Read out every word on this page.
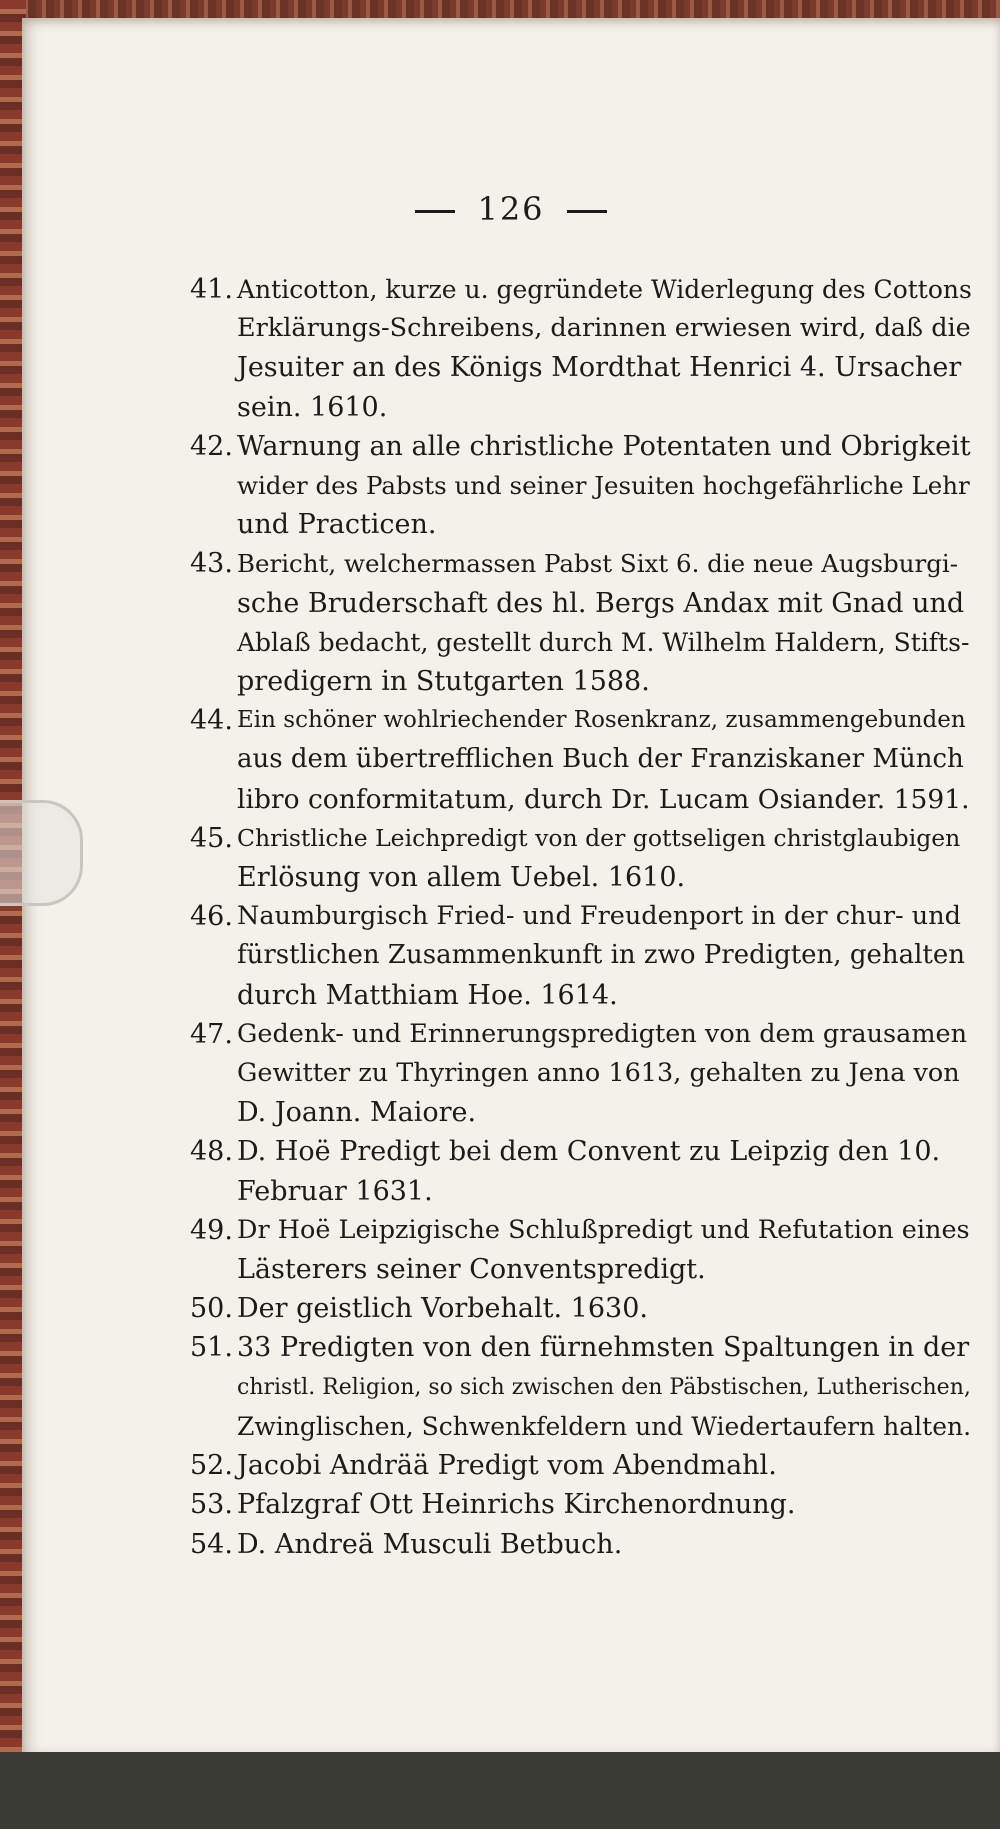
126
41. Anticotton, kurze u. gegründete Widerlegung des Cottons
Erklärungs-Schreibens, darinnen erwiesen wird, daß die
Jesuiter an des Königs Mordthat Henrici 4. Ursacher
sein. 1610.
42. Warnung an alle christliche Potentaten und Obrigkeit
wider des Pabsts und seiner Jesuiten hochgefährliche Lehr
und Practicen.
43. Bericht, welchermassen Pabst Sixt 6. die neue Augsburgi-
sche Bruderschaft des hl. Bergs Andax mit Gnad und
Ablaß bedacht, gestellt durch M. Wilhelm Haldern, Stifts-
predigern in Stutgarten 1588.
44. Ein schöner wohlriechender Rosenkranz, zusammengebunden
aus dem übertrefflichen Buch der Franziskaner Münch
libro conformitatum, durch Dr. Lucam Osiander. 1591.
45. Christliche Leichpredigt von der gottseligen christglaubigen
Erlösung von allem Uebel. 1610.
46. Naumburgisch Fried- und Freudenport in der chur- und
fürstlichen Zusammenkunft in zwo Predigten, gehalten
durch Matthiam Hoe. 1614.
47. Gedenk- und Erinnerungspredigten von dem grausamen
Gewitter zu Thyringen anno 1613, gehalten zu Jena von
D. Joann. Maiore.
48. D. Hoë Predigt bei dem Convent zu Leipzig den 10.
Februar 1631.
49. Dr Hoë Leipzigische Schlußpredigt und Refutation eines
Lästerers seiner Conventspredigt.
50. Der geistlich Vorbehalt. 1630.
51. 33 Predigten von den fürnehmsten Spaltungen in der
christl. Religion, so sich zwischen den Päbstischen, Lutherischen,
Zwinglischen, Schwenkfeldern und Wiedertaufern halten.
52. Jacobi Andrää Predigt vom Abendmahl.
53. Pfalzgraf Ott Heinrichs Kirchenordnung.
54. D. Andreä Musculi Betbuch.
